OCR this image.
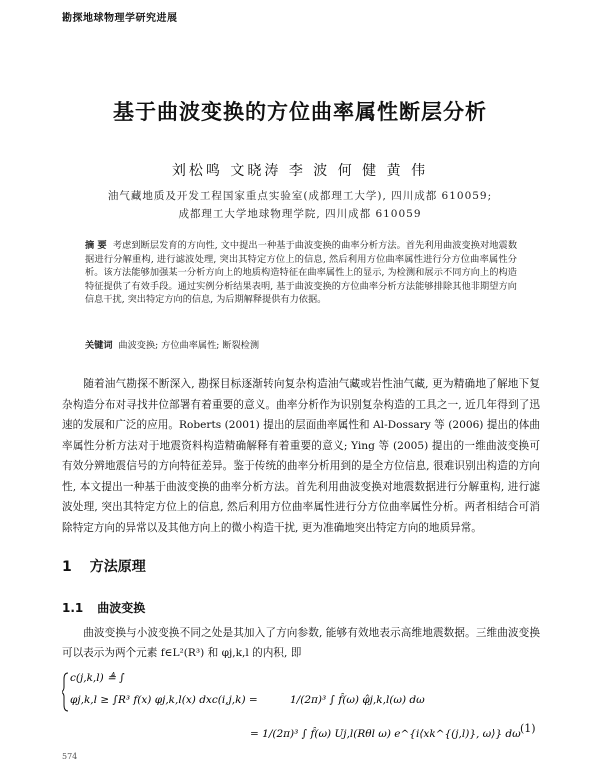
勘探地球物理学研究进展
基于曲波变换的方位曲率属性断层分析
刘松鸣 文晓涛 李 波 何 健 黄 伟
油气藏地质及开发工程国家重点实验室(成都理工大学), 四川成都 610059;
成都理工大学地球物理学院, 四川成都 610059
摘 要 考虑到断层发育的方向性, 文中提出一种基于曲波变换的曲率分析方法。首先利用曲波变换对地震数据进行分解重构, 进行滤波处理, 突出其特定方位上的信息, 然后利用方位曲率属性进行分方位曲率属性分析。该方法能够加强某一分析方向上的地质构造特征在曲率属性上的显示, 为检测和展示不同方向上的构造特征提供了有效手段。通过实例分析结果表明, 基于曲波变换的方位曲率分析方法能够排除其他非期望方向信息干扰, 突出特定方向的信息, 为后期解释提供有力依据。
关键词 曲波变换; 方位曲率属性; 断裂检测
随着油气勘探不断深入, 勘探目标逐渐转向复杂构造油气藏或岩性油气藏, 更为精确地了解地下复杂构造分布对寻找井位部署有着重要的意义。曲率分析作为识别复杂构造的工具之一, 近几年得到了迅速的发展和广泛的应用。Roberts (2001) 提出的层面曲率属性和 Al-Dossary 等 (2006) 提出的体曲率属性分析方法对于地震资料构造精确解释有着重要的意义; Ying 等 (2005) 提出的一维曲波变换可有效分辨地震信号的方向特征差异。鉴于传统的曲率分析用到的是全方位信息, 很难识别出构造的方向性, 本文提出一种基于曲波变换的曲率分析方法。首先利用曲波变换对地震数据进行分解重构, 进行滤波处理, 突出其特定方位上的信息, 然后利用方位曲率属性进行分方位曲率属性分析。两者相结合可消除特定方向的异常以及其他方向上的微小构造干扰, 更为准确地突出特定方向的地质异常。
1 方法原理
1.1 曲波变换
曲波变换与小波变换不同之处是其加入了方向参数, 能够有效地表示高维地震数据。三维曲波变换可以表示为两个元素 f∈L²(R³) 和 φj,k,l 的内积, 即
c(j,k,l) ≜ ∫
φj,k,l ≥ ∫R³ f(x) φj,k,l(x) dxc(i,j,k) =	1/(2π)³ ∫ f̂(ω) φ̂j,k,l(ω) dω
= 1/(2π)³ ∫ f̂(ω) Uj,l(Rθl ω) e^{i⟨xk^{(j,l)}, ω⟩} dω (1)
574
